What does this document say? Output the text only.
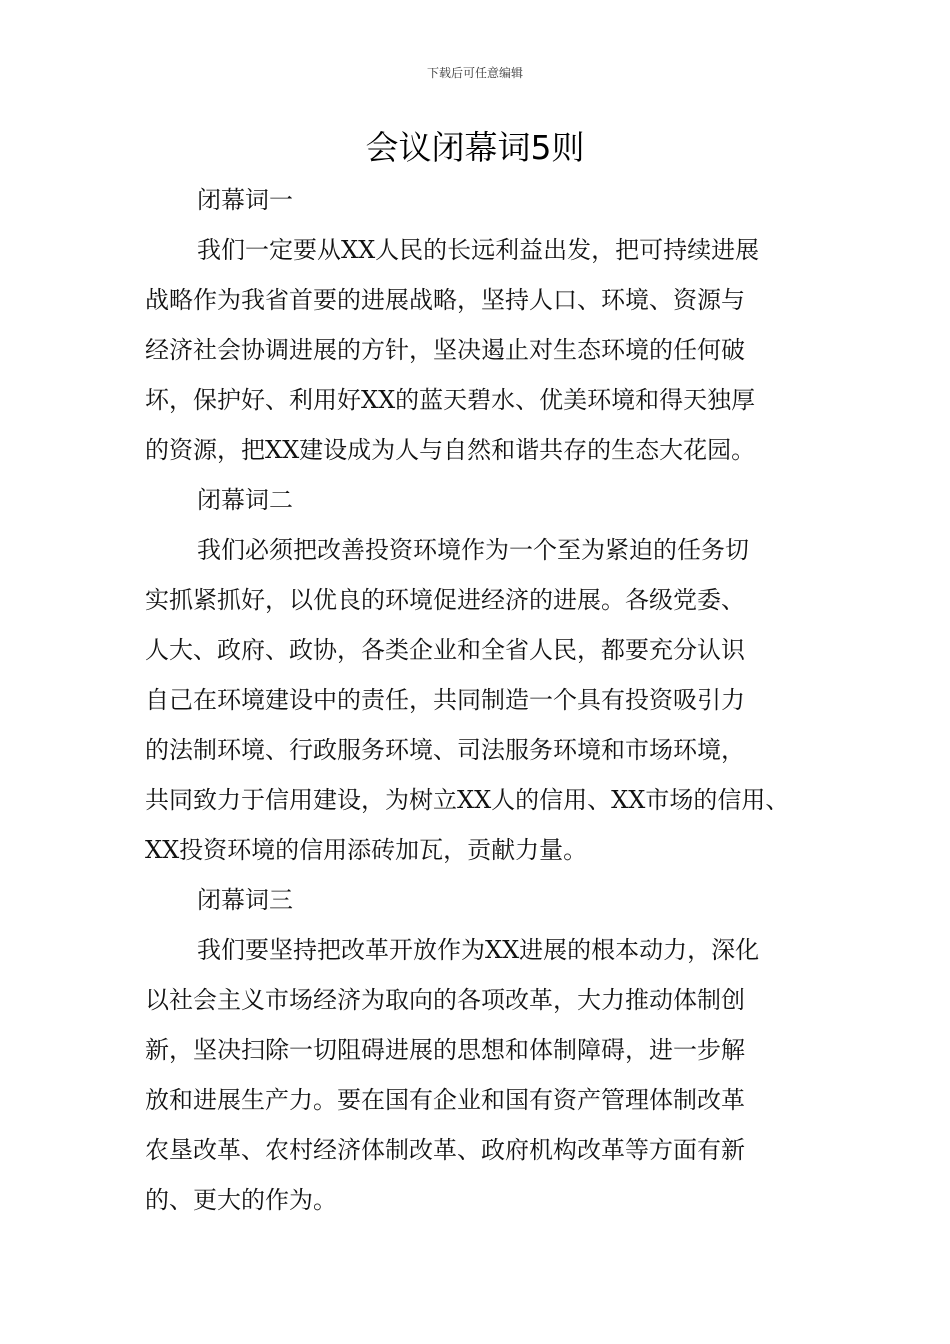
下载后可任意编辑
会议闭幕词5则
闭幕词一
我们一定要从XX人民的长远利益出发，把可持续进展
战略作为我省首要的进展战略，坚持人口、环境、资源与
经济社会协调进展的方针，坚决遏止对生态环境的任何破
坏，保护好、利用好XX的蓝天碧水、优美环境和得天独厚
的资源，把XX建设成为人与自然和谐共存的生态大花园。
闭幕词二
我们必须把改善投资环境作为一个至为紧迫的任务切
实抓紧抓好，以优良的环境促进经济的进展。各级党委、
人大、政府、政协，各类企业和全省人民，都要充分认识
自己在环境建设中的责任，共同制造一个具有投资吸引力
的法制环境、行政服务环境、司法服务环境和市场环境，
共同致力于信用建设，为树立XX人的信用、XX市场的信用、
XX投资环境的信用添砖加瓦，贡献力量。
闭幕词三
我们要坚持把改革开放作为XX进展的根本动力，深化
以社会主义市场经济为取向的各项改革，大力推动体制创
新，坚决扫除一切阻碍进展的思想和体制障碍，进一步解
放和进展生产力。要在国有企业和国有资产管理体制改革
农垦改革、农村经济体制改革、政府机构改革等方面有新
的、更大的作为。
